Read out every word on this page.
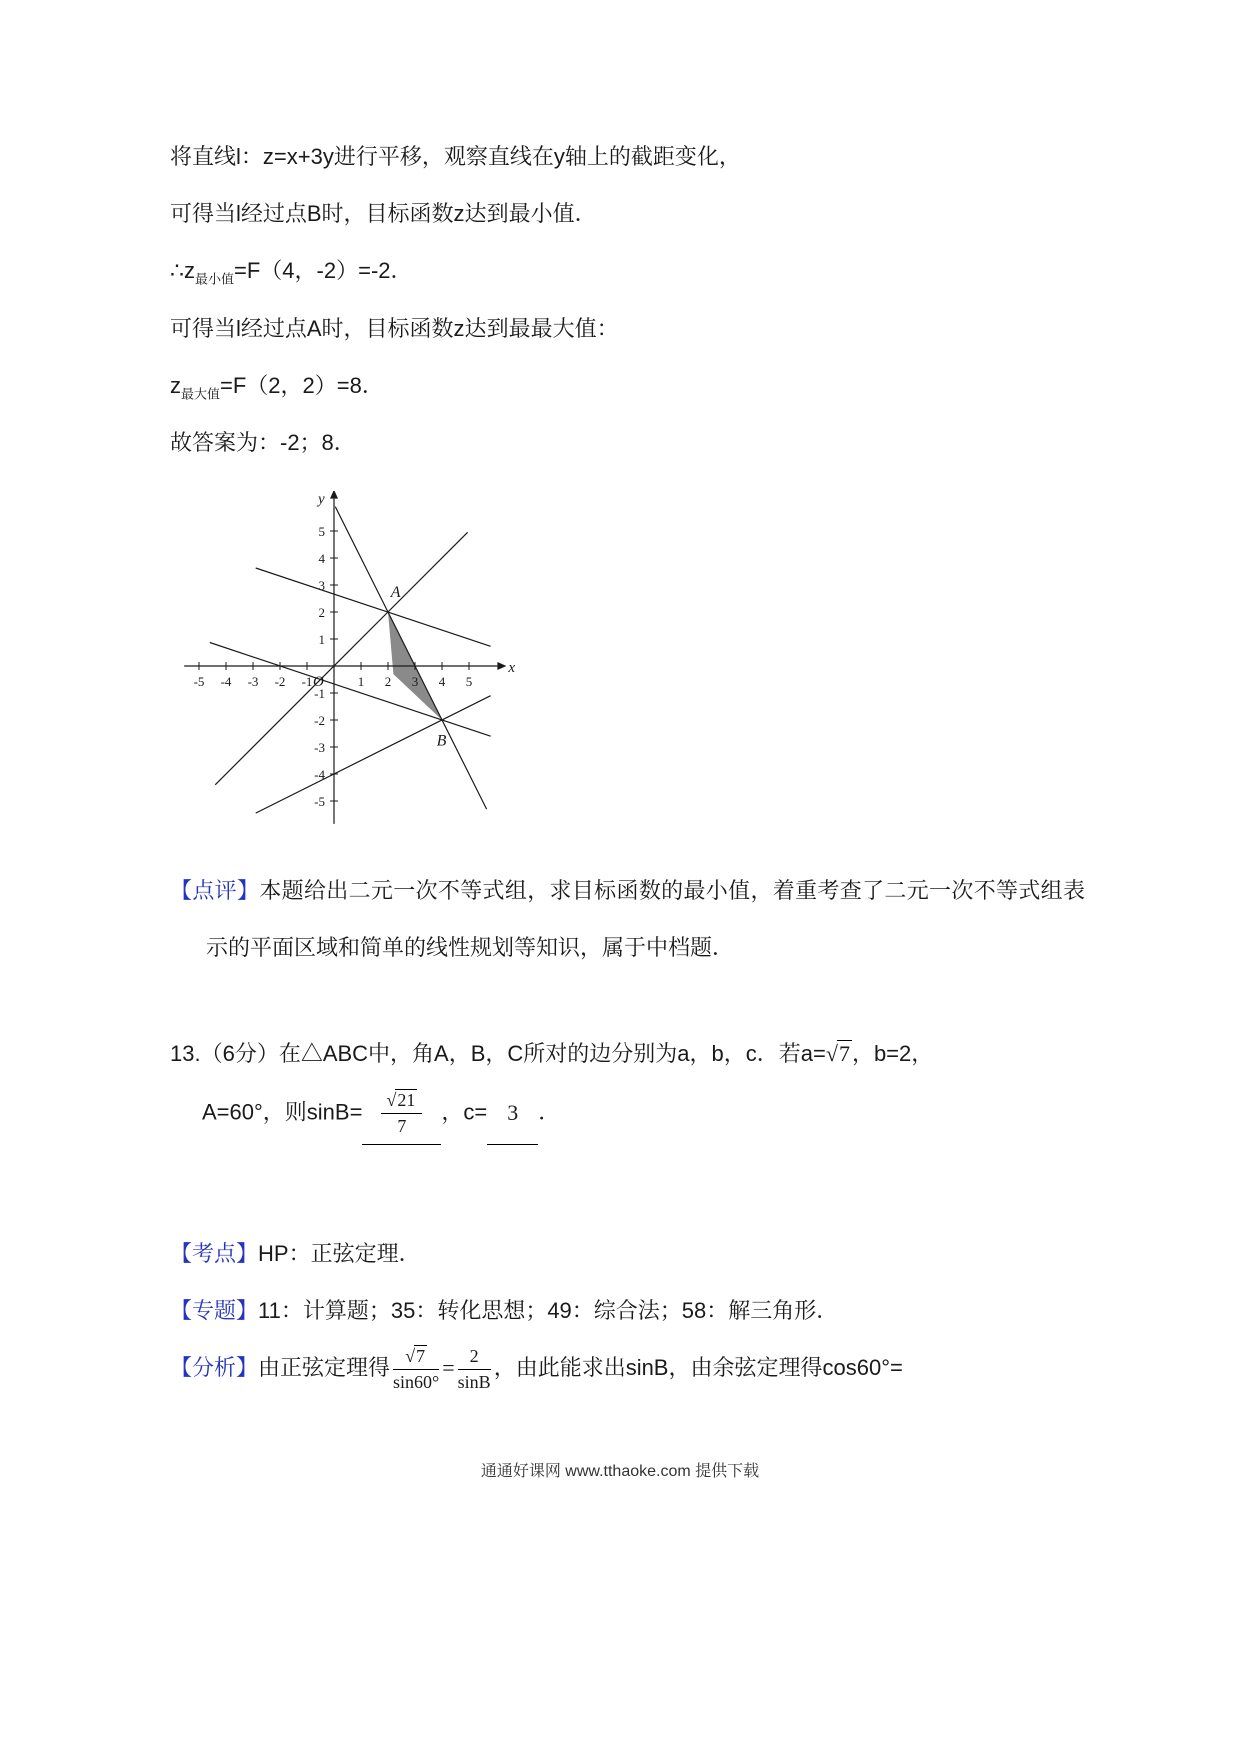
将直线l：z=x+3y进行平移，观察直线在y轴上的截距变化，

可得当l经过点B时，目标函数z达到最小值．

$\therefore z_{最小值}=F(4$，-2）=-2．

可得当l经过点A时，目标函数z达到最最大值：

$z_{最大值}=F(2$，2）=8．

故答案为：-2；8．

-5 -4 -3 -2 -1	1 2 3 4 5
-5
-4
-3
-2
-1
1
2
3
4
5
x
y
O
A
B

【点评】本题给出二元一次不等式组，求目标函数的最小值，着重考查了二元一次不等式组表示的平面区域和简单的线性规划等知识，属于中档题．

13.（6分）在△ABC中，角A，B，C所对的边分别为a，b，c．若a=√7，b=2，
A=60°，则$\sin B= \frac{√ 21}{7}$ ，c= 3 ．

【考点】HP：正弦定理．

【专题】11：计算题；35：转化思想；49：综合法；58：解三角形．

【分析】由正弦定理得 $\frac{√ 7}{\sin 60^\circ} = \frac{2}{\sin B}$ ，由此能求出sinB，由余弦定理得cos60°=

通通好课网 www.tthaoke.com 提供下载
